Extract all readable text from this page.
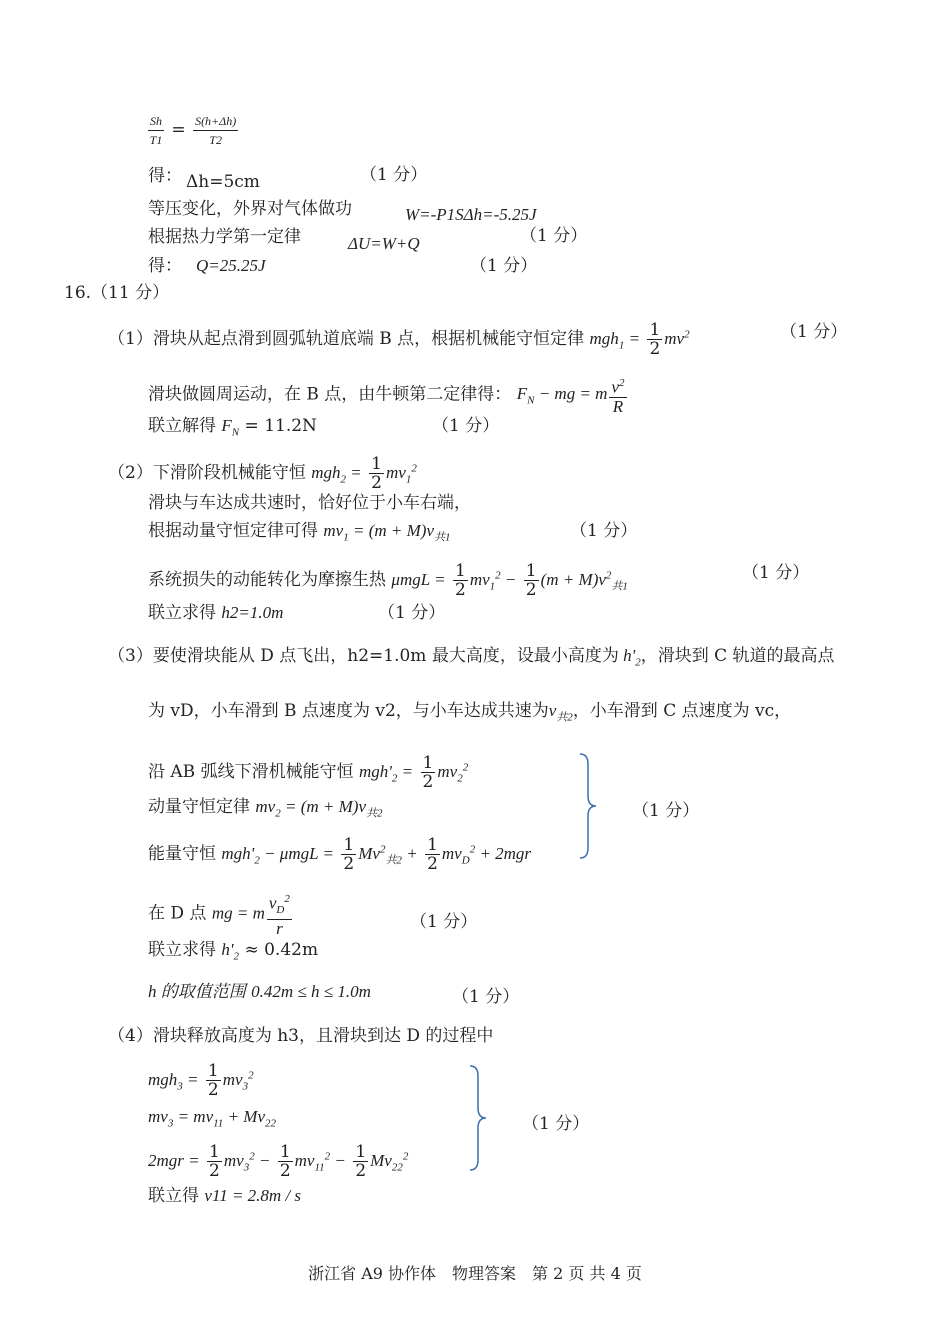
$\frac{Sh}{T1} = \frac{S(h+\Delta h)}{T2}$
得： Δh=5cm	（1 分）
等压变化，外界对气体做功	W=-P1SΔh=-5.25J
根据热力学第一定律	ΔU=W+Q	（1 分）
得： Q=25.25J	（1 分）
16.（11 分）
（1）滑块从起点滑到圆弧轨道底端 B 点，根据机械能守恒定律 $mgh_1 = \frac{1}{2} mv^2$	（1 分）
滑块做圆周运动，在 B 点，由牛顿第二定律得： $F_N$ − mg = m $\frac{v^2}{R}$
联立解得 $F_N = 11.2N$	（1 分）
（2）下滑阶段机械能守恒 $mgh_2 = \frac{1}{2} mv_1^2$
滑块与车达成共速时，恰好位于小车右端，
根据动量守恒定律可得 $mv_1 = (m + M)v_{共1}$	（1 分）
系统损失的动能转化为摩擦生热 $\mu mgL = \frac{1}{2} mv_1^2 - \frac{1}{2} (m + M)v^2_{共1}$
（1 分）
联立求得 h2=1.0m	（1 分）
（3）要使滑块能从 D 点飞出，h2=1.0m 最大高度，设最小高度为 $h'_2$，滑块到 C 轨道的最高点
为 vD，小车滑到 B 点速度为 v2，与小车达成共速为$v_{共2}$，小车滑到 C 点速度为 vc，
沿 AB 弧线下滑机械能守恒 $mgh'_2 = \frac{1}{2} mv_2^2$
动量守恒定律 $mv_2 = (m + M)v_{共2}$
能量守恒 $mgh'_2 - \mu mgL = \frac{1}{2} Mv^2_{共2} + \frac{1}{2} mv_D^2 + 2mgr$
（1 分）
在 D 点 mg = m $\frac{v_D^2}{r}$	（1 分）
联立求得 $h'_2 \approx 0.42m$
h 的取值范围 0.42m ≤ h ≤ 1.0m	（1 分）
（4）滑块释放高度为 h3，且滑块到达 D 的过程中
$mgh_3 = \frac{1}{2} mv_3^2$
$mv_3 = mv_{11} + Mv_{22}$
$2mgr = \frac{1}{2} mv_3^2 - \frac{1}{2} mv_{11}^2 - \frac{1}{2} Mv_{22}^2$
（1 分）
联立得 v11 = 2.8m / s
浙江省 A9 协作体　物理答案　第 2 页 共 4 页
